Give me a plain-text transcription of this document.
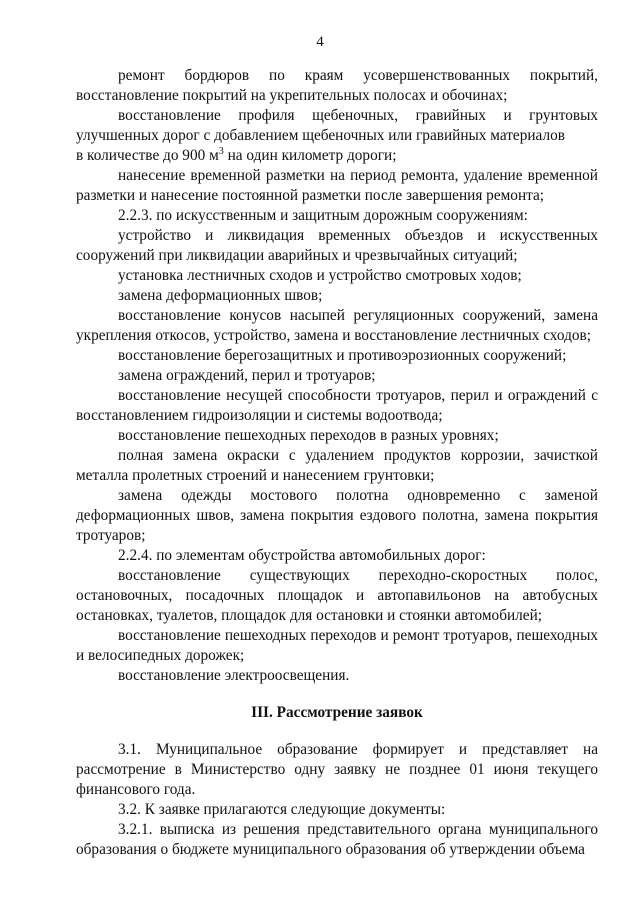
4

ремонт бордюров по краям усовершенствованных покрытий, восстановление покрытий на укрепительных полосах и обочинах;

восстановление профиля щебеночных, гравийных и грунтовых улучшенных дорог с добавлением щебеночных или гравийных материалов
в количестве до 900 $м^3$ на один километр дороги;

нанесение временной разметки на период ремонта, удаление временной разметки и нанесение постоянной разметки после завершения ремонта;

2.2.3. по искусственным и защитным дорожным сооружениям:

устройство и ликвидация временных объездов и искусственных сооружений при ликвидации аварийных и чрезвычайных ситуаций;

установка лестничных сходов и устройство смотровых ходов;

замена деформационных швов;

восстановление конусов насыпей регуляционных сооружений, замена укрепления откосов, устройство, замена и восстановление лестничных сходов;

восстановление берегозащитных и противоэрозионных сооружений;

замена ограждений, перил и тротуаров;

восстановление несущей способности тротуаров, перил и ограждений с восстановлением гидроизоляции и системы водоотвода;

восстановление пешеходных переходов в разных уровнях;

полная замена окраски с удалением продуктов коррозии, зачисткой металла пролетных строений и нанесением грунтовки;

замена одежды мостового полотна одновременно с заменой деформационных швов, замена покрытия ездового полотна, замена покрытия тротуаров;

2.2.4. по элементам обустройства автомобильных дорог:

восстановление существующих переходно-скоростных полос, остановочных, посадочных площадок и автопавильонов на автобусных остановках, туалетов, площадок для остановки и стоянки автомобилей;

восстановление пешеходных переходов и ремонт тротуаров, пешеходных и велосипедных дорожек;

восстановление электроосвещения.

III. Рассмотрение заявок

3.1. Муниципальное образование формирует и представляет на рассмотрение в Министерство одну заявку не позднее 01 июня текущего финансового года.

3.2. К заявке прилагаются следующие документы:

3.2.1. выписка из решения представительного органа муниципального образования о бюджете муниципального образования об утверждении объема
